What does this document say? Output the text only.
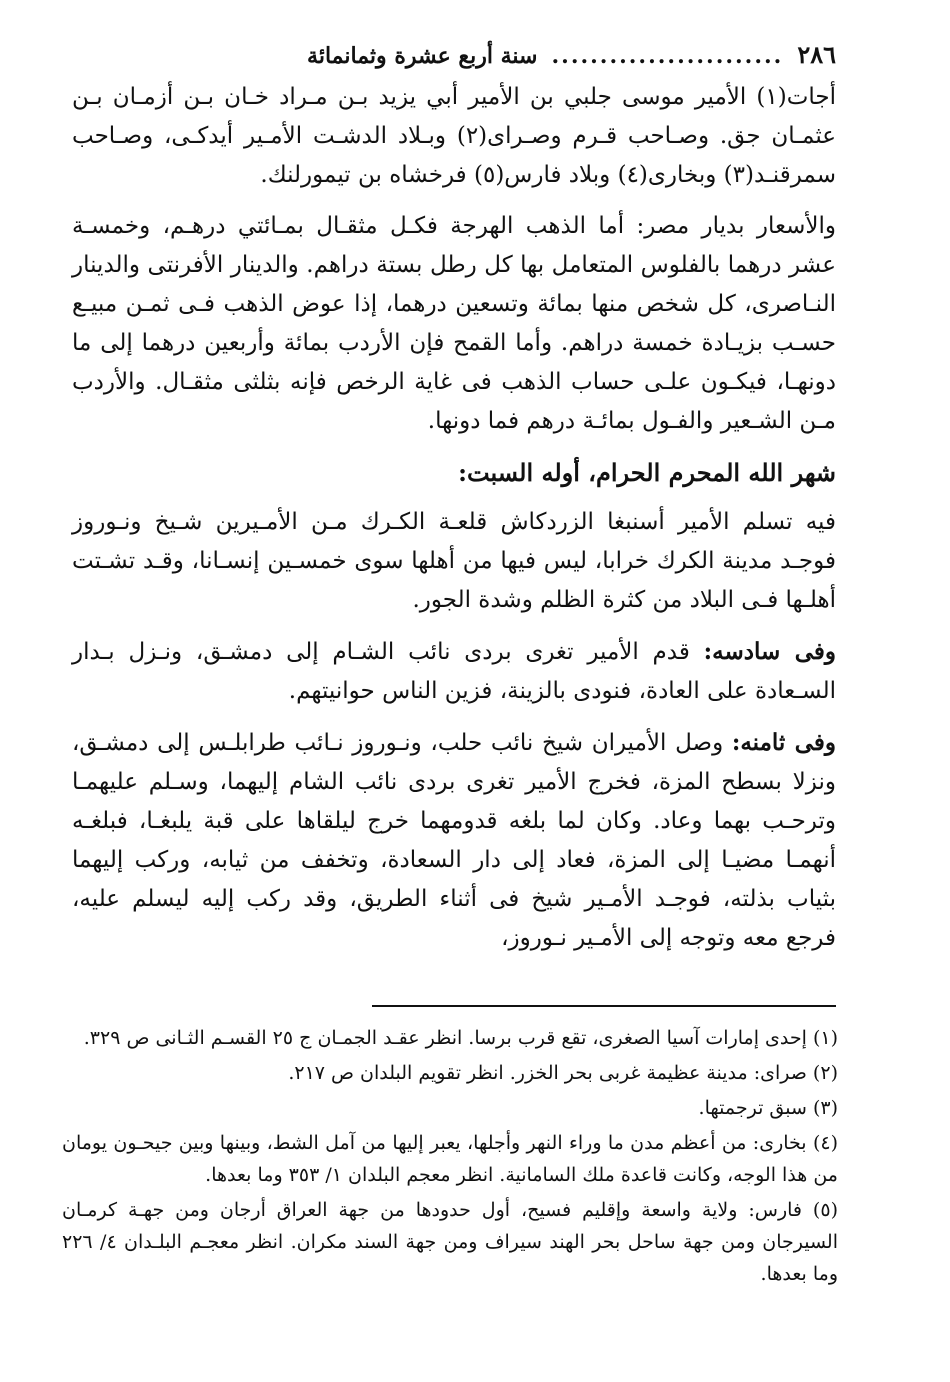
٢٨٦
........................
سنة أربع عشرة وثمانمائة

أجات(١) الأمير موسى جلبي بن الأمير أبي يزيد بـن مـراد خـان بـن أزمـان بـن عثمـان جق. وصـاحب قـرم وصـراى(٢) وبـلاد الدشـت الأمـير أيدكـى، وصـاحب سمرقنـد(٣) وبخارى(٤) وبلاد فارس(٥) فرخشاه بن تيمورلنك.

والأسعار بديار مصر: أما الذهب الهرجة فكـل مثقـال بمـائتي درهـم، وخمسـة عشر درهما بالفلوس المتعامل بها كل رطل بستة دراهم. والدينار الأفرنتى والدينار النـاصرى، كل شخص منها بمائة وتسعين درهما، إذا عوض الذهب فـى ثمـن مبيـع حسـب بزيـادة خمسة دراهم. وأما القمح فإن الأردب بمائة وأربعين درهما إلى ما دونهـا، فيكـون علـى حساب الذهب فى غاية الرخص فإنه بثلثى مثقـال. والأردب مـن الشـعير والفـول بمائـة درهم فما دونها.

شهر الله المحرم الحرام، أوله السبت:

فيه تسلم الأمير أسنبغا الزردكاش قلعـة الكـرك مـن الأمـيرين شـيخ ونـوروز فوجـد مدينة الكرك خرابا، ليس فيها من أهلها سوى خمسـين إنسـانا، وقـد تشـتت أهلـها فـى البلاد من كثرة الظلم وشدة الجور.

وفى سادسه: قدم الأمير تغرى بردى نائب الشـام إلى دمشـق، ونـزل بـدار السـعادة على العادة، فنودى بالزينة، فزين الناس حوانيتهم.

وفى ثامنه: وصل الأميران شيخ نائب حلب، ونـوروز نـائب طرابلـس إلى دمشـق، ونزلا بسطح المزة، فخرج الأمير تغرى بردى نائب الشام إليهما، وسـلم عليهمـا وترحـب بهما وعاد. وكان لما بلغه قدومهما خرج ليلقاها على قبة يلبغـا، فبلغـه أنهمـا مضيـا إلى المزة، فعاد إلى دار السعادة، وتخفف من ثيابه، وركب إليهما بثياب بذلته، فوجـد الأمـير شيخ فى أثناء الطريق، وقد ركب إليه ليسلم عليه، فرجع معه وتوجه إلى الأمـير نـوروز،

(١) إحدى إمارات آسيا الصغرى، تقع قرب برسا. انظر عقـد الجمـان ج ٢٥ القسـم الثـانى ص ٣٢٩.

(٢) صراى: مدينة عظيمة غربى بحر الخزر. انظر تقويم البلدان ص ٢١٧.

(٣) سبق ترجمتها.

(٤) بخارى: من أعظم مدن ما وراء النهر وأجلها، يعبر إليها من آمل الشط، وبينها وبين جيحـون يومان من هذا الوجه، وكانت قاعدة ملك السامانية. انظر معجم البلدان ١/ ٣٥٣ وما بعدها.

(٥) فارس: ولاية واسعة وإقليم فسيح، أول حدودها من جهة العراق أرجان ومن جهـة كرمـان السيرجان ومن جهة ساحل بحر الهند سيراف ومن جهة السند مكران. انظر معجـم البلـدان ٤/ ٢٢٦ وما بعدها.
